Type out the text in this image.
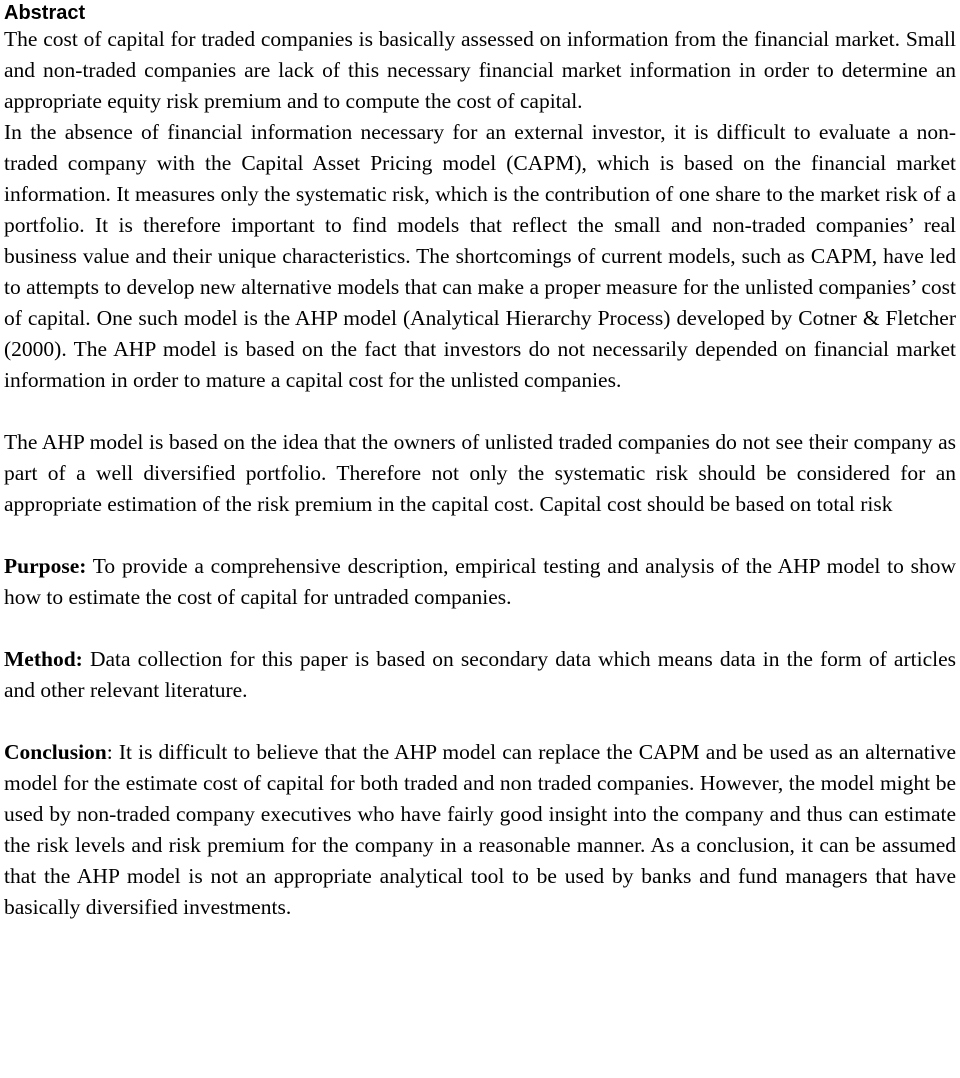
Abstract

The cost of capital for traded companies is basically assessed on information from the financial market. Small and non-traded companies are lack of this necessary financial market information in order to determine an appropriate equity risk premium and to compute the cost of capital.

In the absence of financial information necessary for an external investor, it is difficult to evaluate a non-traded company with the Capital Asset Pricing model (CAPM), which is based on the financial market information. It measures only the systematic risk, which is the contribution of one share to the market risk of a portfolio. It is therefore important to find models that reflect the small and non-traded companies’ real business value and their unique characteristics. The shortcomings of current models, such as CAPM, have led to attempts to develop new alternative models that can make a proper measure for the unlisted companies’ cost of capital. One such model is the AHP model (Analytical Hierarchy Process) developed by Cotner & Fletcher (2000). The AHP model is based on the fact that investors do not necessarily depended on financial market information in order to mature a capital cost for the unlisted companies.

The AHP model is based on the idea that the owners of unlisted traded companies do not see their company as part of a well diversified portfolio. Therefore not only the systematic risk should be considered for an appropriate estimation of the risk premium in the capital cost. Capital cost should be based on total risk

Purpose: To provide a comprehensive description, empirical testing and analysis of the AHP model to show how to estimate the cost of capital for untraded companies.

Method: Data collection for this paper is based on secondary data which means data in the form of articles and other relevant literature.

Conclusion: It is difficult to believe that the AHP model can replace the CAPM and be used as an alternative model for the estimate cost of capital for both traded and non traded companies. However, the model might be used by non-traded company executives who have fairly good insight into the company and thus can estimate the risk levels and risk premium for the company in a reasonable manner. As a conclusion, it can be assumed that the AHP model is not an appropriate analytical tool to be used by banks and fund managers that have basically diversified investments.
